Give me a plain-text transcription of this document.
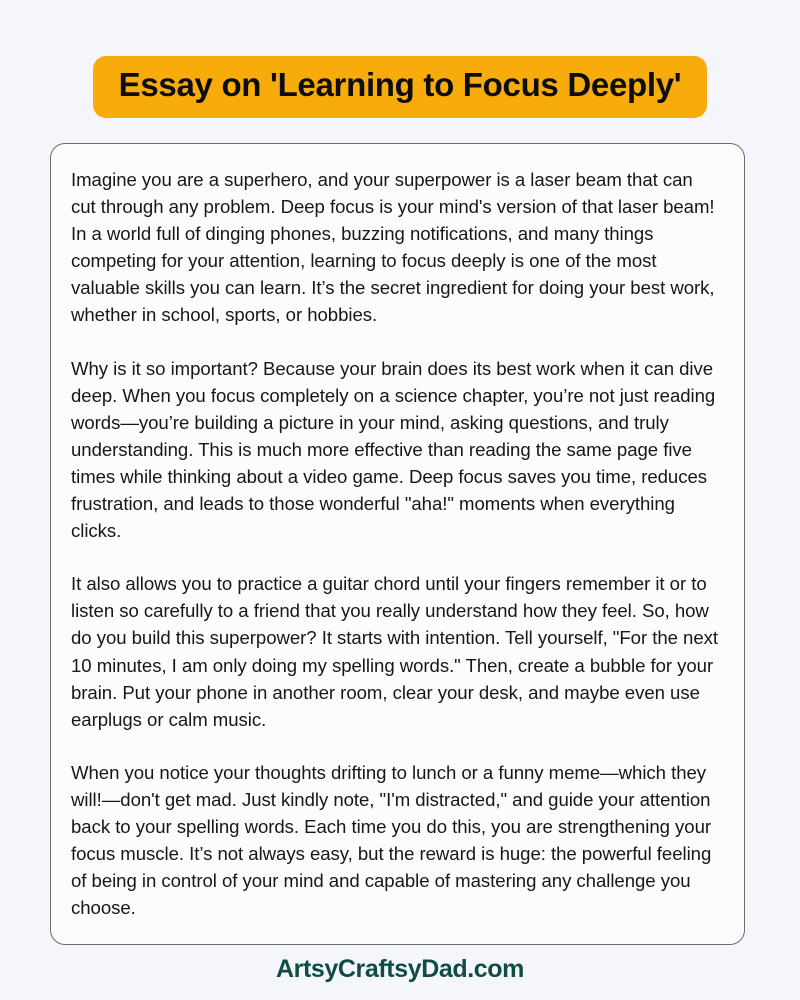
Essay on 'Learning to Focus Deeply'

Imagine you are a superhero, and your superpower is a laser beam that can cut through any problem. Deep focus is your mind's version of that laser beam! In a world full of dinging phones, buzzing notifications, and many things competing for your attention, learning to focus deeply is one of the most valuable skills you can learn. It’s the secret ingredient for doing your best work, whether in school, sports, or hobbies.

Why is it so important? Because your brain does its best work when it can dive deep. When you focus completely on a science chapter, you’re not just reading words—you’re building a picture in your mind, asking questions, and truly understanding. This is much more effective than reading the same page five times while thinking about a video game. Deep focus saves you time, reduces frustration, and leads to those wonderful "aha!" moments when everything clicks.

It also allows you to practice a guitar chord until your fingers remember it or to listen so carefully to a friend that you really understand how they feel. So, how do you build this superpower? It starts with intention. Tell yourself, "For the next 10 minutes, I am only doing my spelling words." Then, create a bubble for your brain. Put your phone in another room, clear your desk, and maybe even use earplugs or calm music.

When you notice your thoughts drifting to lunch or a funny meme—which they will!—don't get mad. Just kindly note, "I'm distracted," and guide your attention back to your spelling words. Each time you do this, you are strengthening your focus muscle. It’s not always easy, but the reward is huge: the powerful feeling of being in control of your mind and capable of mastering any challenge you choose.

ArtsyCraftsyDad.com
